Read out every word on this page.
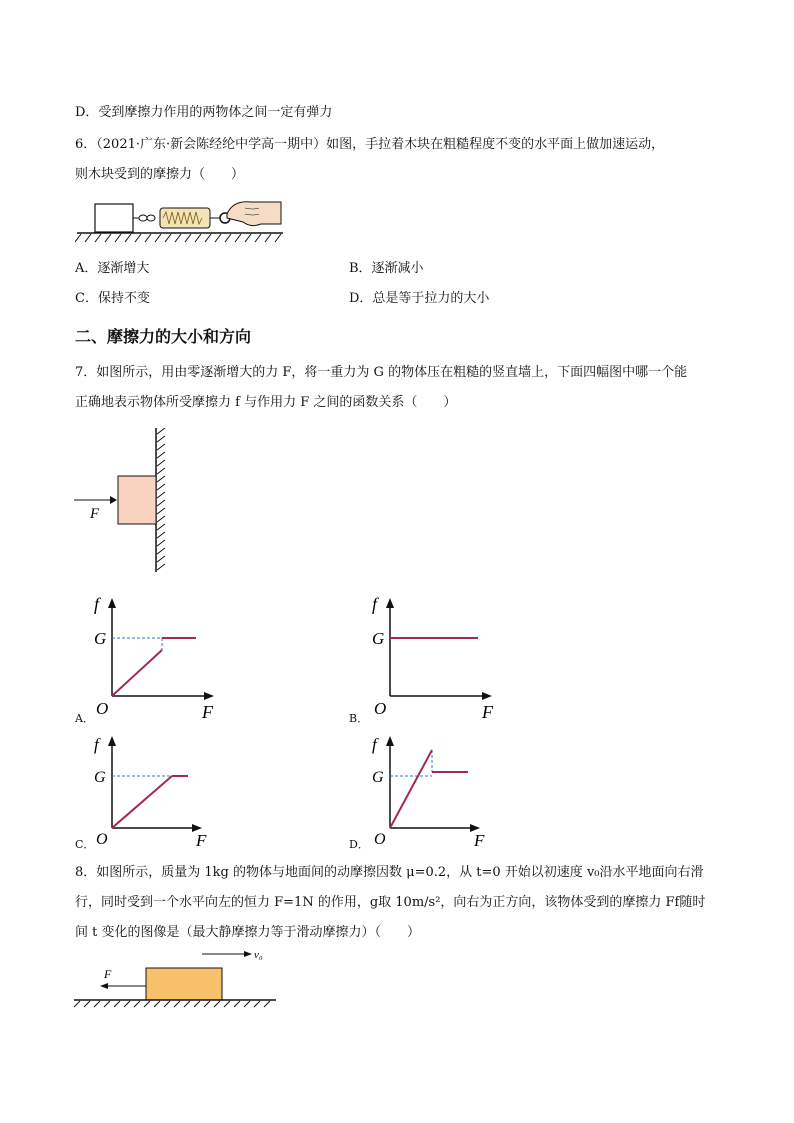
D．受到摩擦力作用的两物体之间一定有弹力
6．（2021·广东·新会陈经纶中学高一期中）如图，手拉着木块在粗糙程度不变的水平面上做加速运动，
则木块受到的摩擦力（　　）
A．逐渐增大	B．逐渐减小
C．保持不变	D．总是等于拉力的大小
二、摩擦力的大小和方向
7．如图所示，用由零逐渐增大的力 F，将一重力为 G 的物体压在粗糙的竖直墙上，下面四幅图中哪一个能
正确地表示物体所受摩擦力 f 与作用力 F 之间的函数关系（　　）
F
f
G
O	F
A．
f
G
O	F
B．
f
G
O	F
C．
f
G
O	F
D．
8．如图所示，质量为 1kg 的物体与地面间的动摩擦因数 μ=0.2，从 t=0 开始以初速度 v₀沿水平地面向右滑
行，同时受到一个水平向左的恒力 F=1N 的作用，g取 10m/s²，向右为正方向，该物体受到的摩擦力 Ff随时
间 t 变化的图像是（最大静摩擦力等于滑动摩擦力）（　　）
v₀
F
